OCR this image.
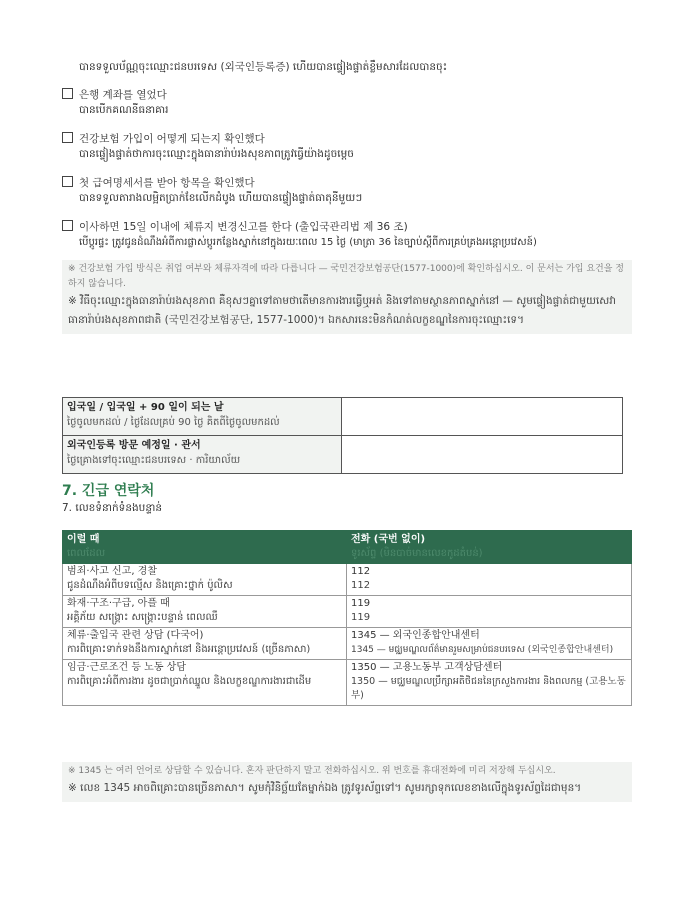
បានទទួលប័ណ្ណចុះឈ្មោះជនបរទេស (외국인등록증) ហើយបានផ្ទៀងផ្ទាត់ខ្លឹមសារដែលបានចុះ
은행 계좌를 열었다
បានបើកគណនីធនាគារ
건강보험 가입이 어떻게 되는지 확인했다
បានផ្ទៀងផ្ទាត់ថាការចុះឈ្មោះក្នុងធានារ៉ាប់រងសុខភាពត្រូវធ្វើយ៉ាងដូចម្ដេច
첫 급여명세서를 받아 항목을 확인했다
បានទទួលតារាងលម្អិតប្រាក់ខែលើកដំបូង ហើយបានផ្ទៀងផ្ទាត់ធាតុនីមួយៗ
이사하면 15일 이내에 체류지 변경신고를 한다 (출입국관리법 제 36 조)
បើប្ដូរផ្ទះ ត្រូវជូនដំណឹងអំពីការផ្លាស់ប្ដូរកន្លែងស្នាក់នៅក្នុងរយៈពេល 15 ថ្ងៃ (មាត្រា 36 នៃច្បាប់ស្ដីពីការគ្រប់គ្រងអន្តោប្រវេសន៍)
※ 건강보험 가입 방식은 취업 여부와 체류자격에 따라 다릅니다 — 국민건강보험공단(1577-1000)에 확인하십시오. 이 문서는 가입 요건을 정하지 않습니다.
※ វិធីចុះឈ្មោះក្នុងធានារ៉ាប់រងសុខភាព គឺខុសៗគ្នាទៅតាមថាតើមានការងារធ្វើឬអត់ និងទៅតាមស្ថានភាពស្នាក់នៅ — សូមផ្ទៀងផ្ទាត់ជាមួយសេវាធានារ៉ាប់រងសុខភាពជាតិ (국민건강보험공단, 1577-1000)។ ឯកសារនេះមិនកំណត់លក្ខខណ្ឌនៃការចុះឈ្មោះទេ។
입국일 / 입국일 + 90 일이 되는 날
ថ្ងៃចូលមកដល់ / ថ្ងៃដែលគ្រប់ 90 ថ្ងៃ គិតពីថ្ងៃចូលមកដល់	

외국인등록 방문 예정일 · 관서
ថ្ងៃគ្រោងទៅចុះឈ្មោះជនបរទេស · ការិយាល័យ	

7. 긴급 연락처
7. លេខទំនាក់ទំនងបន្ទាន់
이럴 때
ពេលដែល	전화 (국번 없이)
ទូរស័ព្ទ (មិនបាច់មានលេខកូដតំបន់)

범죄·사고 신고, 경찰
ជូនដំណឹងអំពីបទល្មើស និងគ្រោះថ្នាក់ ប៉ូលិស	112
112

화재·구조·구급, 아플 때
អគ្គិភ័យ សង្គ្រោះ សង្គ្រោះបន្ទាន់ ពេលឈឺ	119
119

체류·출입국 관련 상담 (다국어)
ការពិគ្រោះទាក់ទងនឹងការស្នាក់នៅ និងអន្តោប្រវេសន៍ (ច្រើនភាសា)	1345 — 외국인종합안내센터
1345 — មជ្ឈមណ្ឌលព័ត៌មានរួមសម្រាប់ជនបរទេស (외국인종합안내센터)

임금·근로조건 등 노동 상담
ការពិគ្រោះអំពីការងារ ដូចជាប្រាក់ឈ្នួល និងលក្ខខណ្ឌការងារជាដើម	1350 — 고용노동부 고객상담센터
1350 — មជ្ឈមណ្ឌលប្រឹក្សាអតិថិជននៃក្រសួងការងារ និងពលកម្ម (고용노동부)
※ 1345 는 여러 언어로 상담할 수 있습니다. 혼자 판단하지 말고 전화하십시오. 위 번호를 휴대전화에 미리 저장해 두십시오.
※ លេខ 1345 អាចពិគ្រោះបានច្រើនភាសា។ សូមកុំវិនិច្ឆ័យតែម្នាក់ឯង ត្រូវទូរស័ព្ទទៅ។ សូមរក្សាទុកលេខខាងលើក្នុងទូរស័ព្ទដៃជាមុន។
